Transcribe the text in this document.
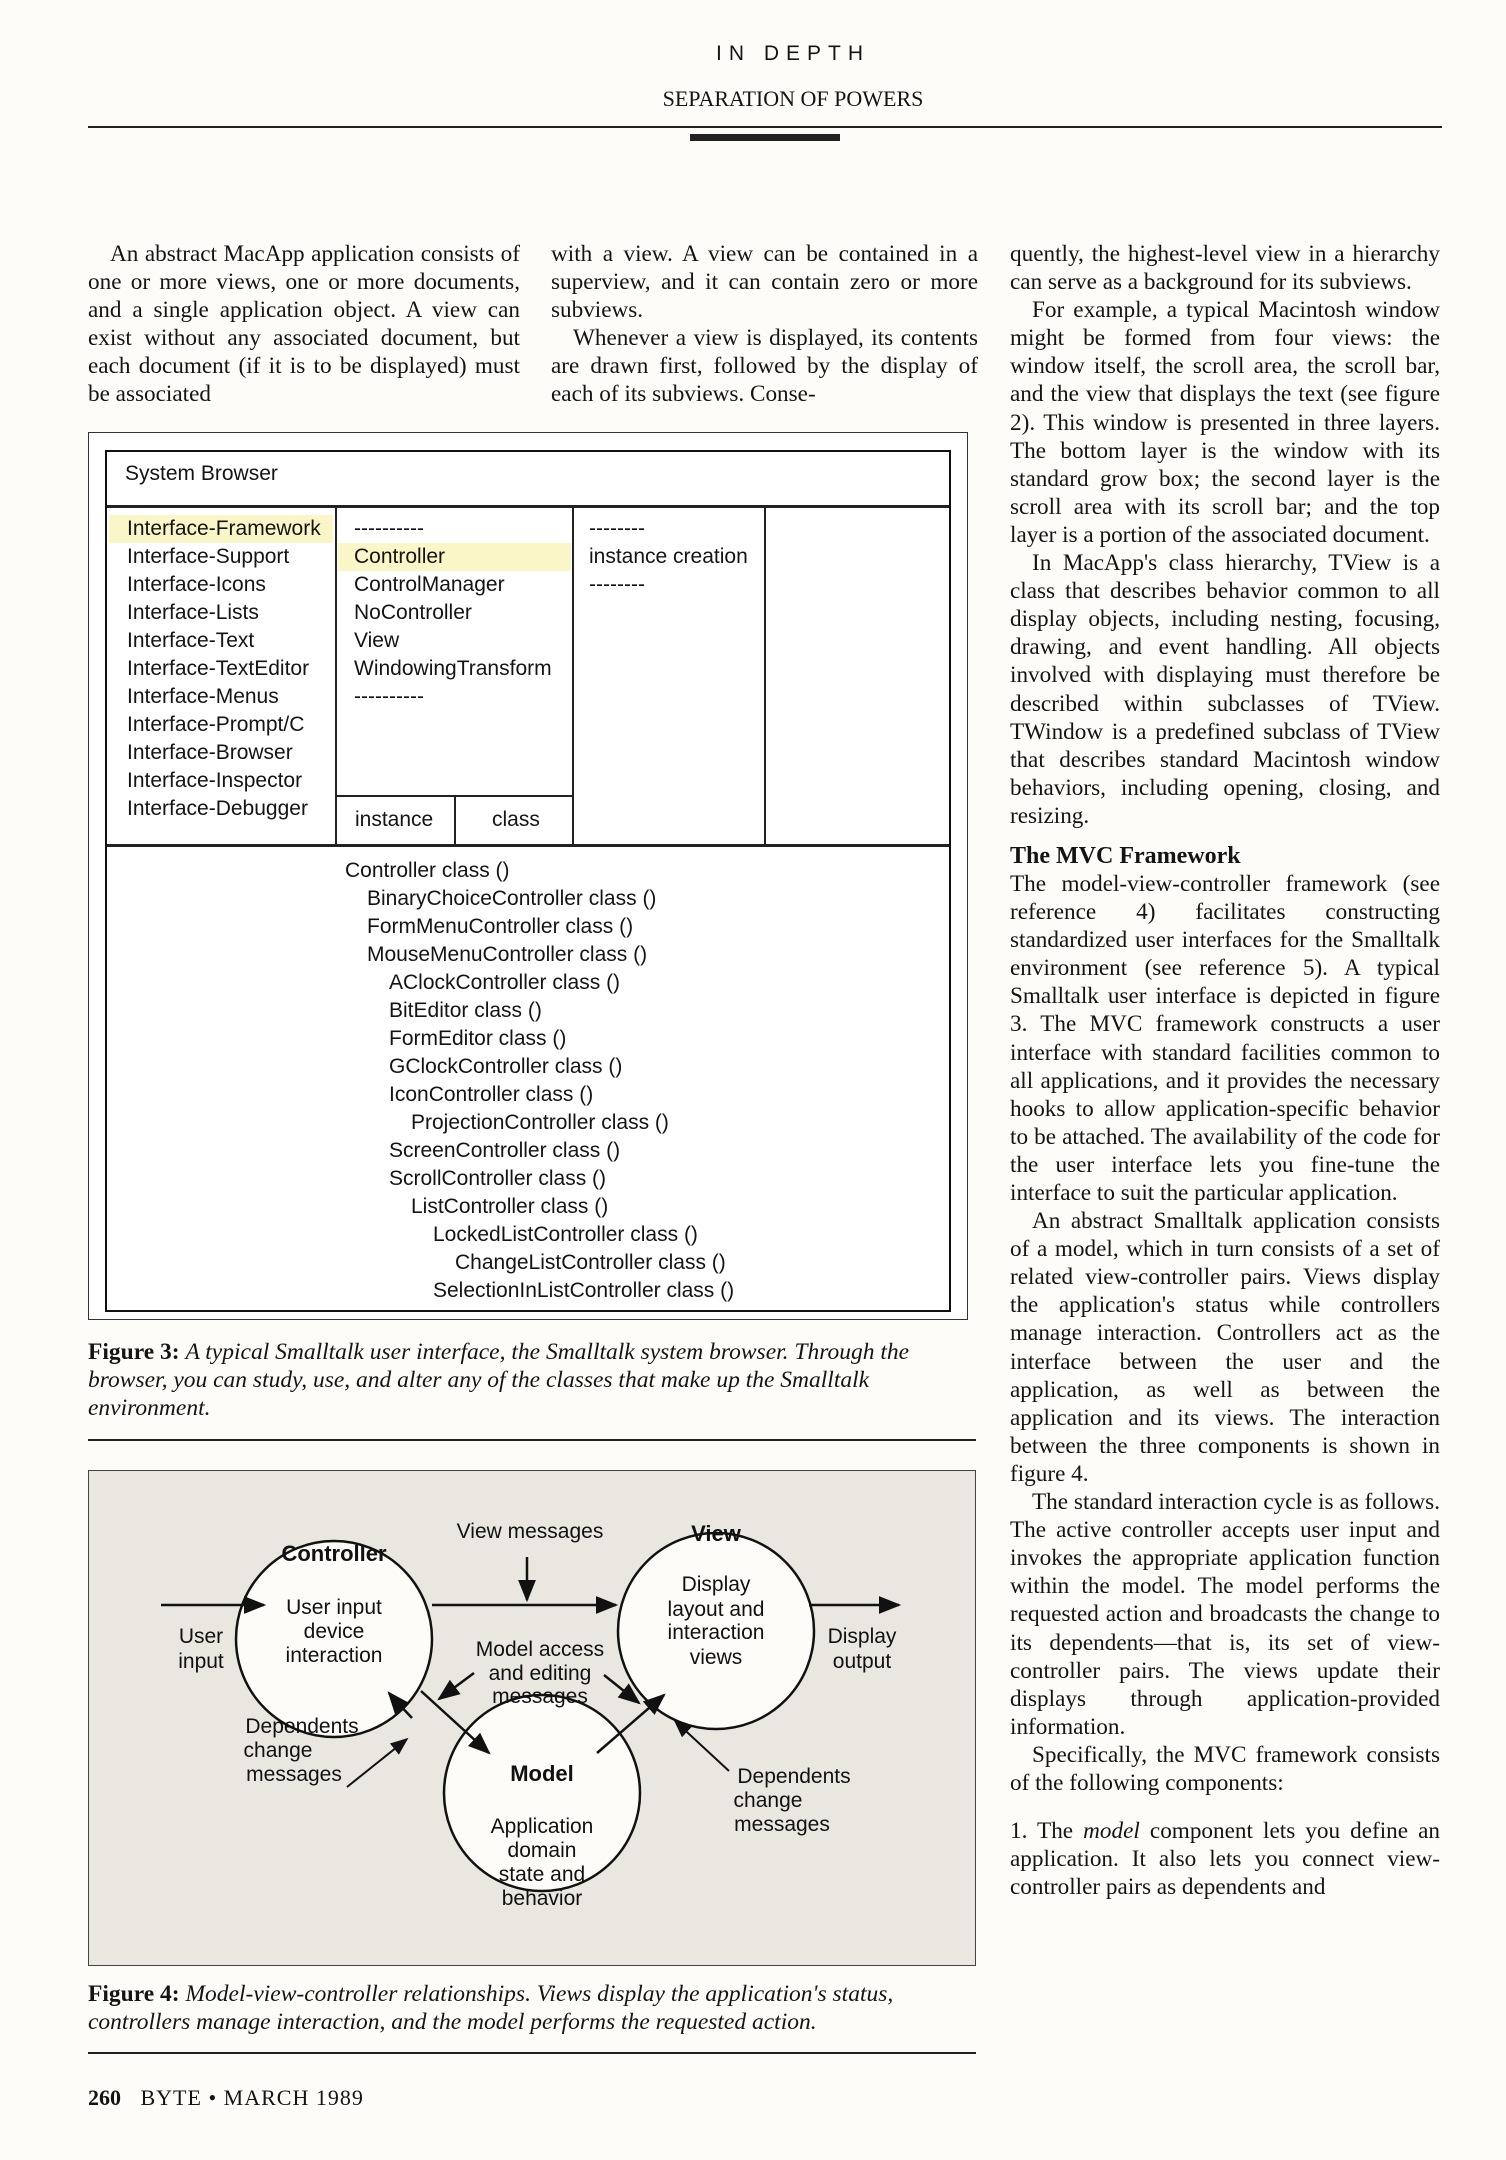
IN DEPTH
SEPARATION OF POWERS

An abstract MacApp application consists of one or more views, one or more documents, and a single application object. A view can exist without any associated document, but each document (if it is to be displayed) must be associated

with a view. A view can be contained in a superview, and it can contain zero or more subviews.

Whenever a view is displayed, its contents are drawn first, followed by the display of each of its subviews. Conse-

quently, the highest-level view in a hierarchy can serve as a background for its subviews.

For example, a typical Macintosh window might be formed from four views: the window itself, the scroll area, the scroll bar, and the view that displays the text (see figure 2). This window is presented in three layers. The bottom layer is the window with its standard grow box; the second layer is the scroll area with its scroll bar; and the top layer is a portion of the associated document.

In MacApp's class hierarchy, TView is a class that describes behavior common to all display objects, including nesting, focusing, drawing, and event handling. All objects involved with displaying must therefore be described within subclasses of TView. TWindow is a predefined subclass of TView that describes standard Macintosh window behaviors, including opening, closing, and resizing.

The MVC Framework

The model-view-controller framework (see reference 4) facilitates constructing standardized user interfaces for the Smalltalk environment (see reference 5). A typical Smalltalk user interface is depicted in figure 3. The MVC framework constructs a user interface with standard facilities common to all applications, and it provides the necessary hooks to allow application-specific behavior to be attached. The availability of the code for the user interface lets you fine-tune the interface to suit the particular application.

An abstract Smalltalk application consists of a model, which in turn consists of a set of related view-controller pairs. Views display the application's status while controllers manage interaction. Controllers act as the interface between the user and the application, as well as between the application and its views. The interaction between the three components is shown in figure 4.

The standard interaction cycle is as follows. The active controller accepts user input and invokes the appropriate application function within the model. The model performs the requested action and broadcasts the change to its dependents—that is, its set of view-controller pairs. The views update their displays through application-provided information.

Specifically, the MVC framework consists of the following components:

1. The model component lets you define an application. It also lets you connect view-controller pairs as dependents and

System Browser
Interface-Framework
Interface-Support
Interface-Icons
Interface-Lists
Interface-Text
Interface-TextEditor
Interface-Menus
Interface-Prompt/C
Interface-Browser
Interface-Inspector
Interface-Debugger
----------
Controller
ControlManager
NoController
View
WindowingTransform
----------
--------
instance creation
--------
instance	class
Controller class ()
BinaryChoiceController class ()
FormMenuController class ()
MouseMenuController class ()
AClockController class ()
BitEditor class ()
FormEditor class ()
GClockController class ()
IconController class ()
ProjectionController class ()
ScreenController class ()
ScrollController class ()
ListController class ()
LockedListController class ()
ChangeListController class ()
SelectionInListController class ()
Figure 3: A typical Smalltalk user interface, the Smalltalk system browser. Through the browser, you can study, use, and alter any of the classes that make up the Smalltalk environment.
Controller
User input
device
interaction
View
Display
layout and
interaction
views
Model
Application
domain
state and
behavior
View messages
Model access
and editing
messages
User
input
Display
output
Dependents
change
messages	Dependents
change
messages
Figure 4: Model-view-controller relationships. Views display the application's status, controllers manage interaction, and the model performs the requested action.
260 BYTE • MARCH 1989
